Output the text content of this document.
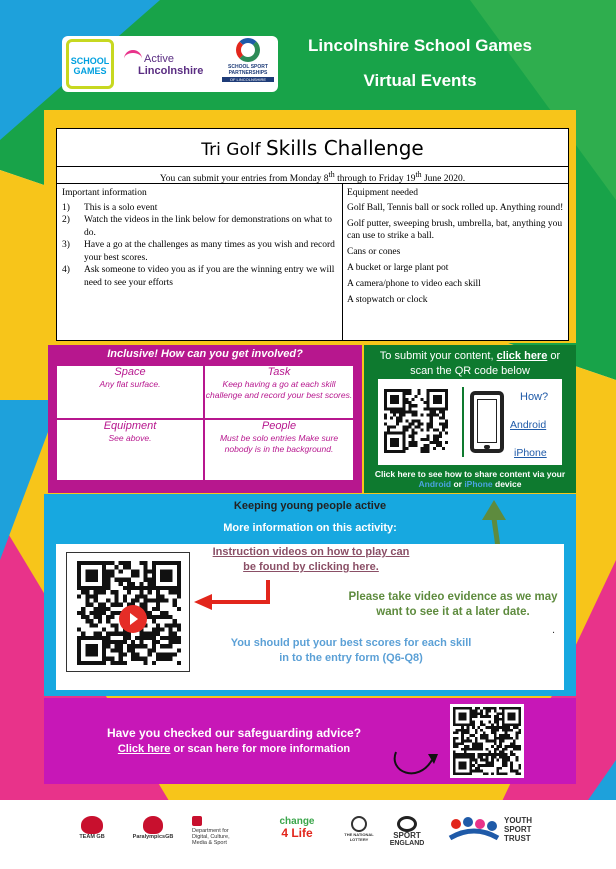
SCHOOL GAMES
Active
Lincolnshire	SCHOOL SPORT
PARTNERSHIPS
OF LINCOLNSHIRE
Lincolnshire School Games
Virtual Events
Tri Golf Skills Challenge
You can submit your entries from Monday 8th through to Friday 19th June 2020.
Important information
1) This is a solo event
2) Watch the videos in the link below for demonstrations on what to do.
3) Have a go at the challenges as many times as you wish and record your best scores.
4) Ask someone to video you as if you are the winning entry we will need to see your efforts
Equipment needed
Golf Ball, Tennis ball or sock rolled up. Anything round!
Golf putter, sweeping brush, umbrella, bat, anything you can use to strike a ball.
Cans or cones
A bucket or large plant pot
A camera/phone to video each skill
A stopwatch or clock
Inclusive! How can you get involved?
Space
Any flat surface.
Task
Keep having a go at each skill challenge and record your best scores.
Equipment
See above.
People
Must be solo entries Make sure nobody is in the background.
To submit your content, click here or scan the QR code below
How?
Android
iPhone
Click here to see how to share content via your Android or iPhone device
Keeping young people active
More information on this activity:
Instruction videos on how to play can be found by clicking here.
Please take video evidence as we may want to see it at a later date.
.
You should put your best scores for each skill in to the entry form (Q6-Q8)
Have you checked our safeguarding advice?
Click here or scan here for more information
TEAM GB	ParalympicsGB
Department for
Digital, Culture,
Media & Sport
change
4 Life	THE NATIONAL
LOTTERY	SPORT
ENGLAND
YOUTH
SPORT
TRUST
